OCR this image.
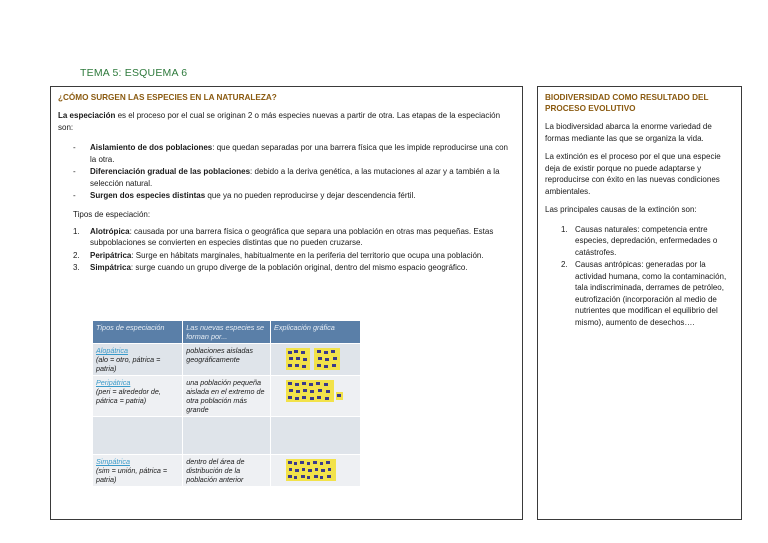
TEMA 5: ESQUEMA 6
¿CÓMO SURGEN LAS ESPECIES EN LA NATURALEZA?
La especiación es el proceso por el cual se originan 2 o más especies nuevas a partir de otra. Las etapas de la especiación son:
- Aislamiento de dos poblaciones: que quedan separadas por una barrera física que les impide reproducirse una con la otra.
- Diferenciación gradual de las poblaciones: debido a la deriva genética, a las mutaciones al azar y a también a la selección natural.
- Surgen dos especies distintas que ya no pueden reproducirse y dejar descendencia fértil.
Tipos de especiación:
1. Alotrópica: causada por una barrera física o geográfica que separa una población en otras mas pequeñas. Estas subpoblaciones se convierten en especies distintas que no pueden cruzarse.
2. Peripátrica: Surge en hábitats marginales, habitualmente en la periferia del territorio que ocupa una población.
3. Simpátrica: surge cuando un grupo diverge de la población original, dentro del mismo espacio geográfico.
Tipos de especiación	Las nuevas especies se forman por...	Explicación gráfica
Alopátrica
(alo = otro, pátrica = patria)	poblaciones aisladas geográficamente	

Peripátrica
(peri = alrededor de, pátrica = patria)	una población pequeña aislada en el extremo de otra población más grande	

Simpátrica
(sim = unión, pátrica = patria)	dentro del área de distribución de la población anterior	
BIODIVERSIDAD COMO RESULTADO DEL PROCESO EVOLUTIVO
La biodiversidad abarca la enorme variedad de formas mediante las que se organiza la vida.
La extinción es el proceso por el que una especie deja de existir porque no puede adaptarse y reproducirse con éxito en las nuevas condiciones ambientales.
Las principales causas de la extinción son:
1. Causas naturales: competencia entre especies, depredación, enfermedades o catástrofes.
2. Causas antrópicas: generadas por la actividad humana, como la contaminación, tala indiscriminada, derrames de petróleo, eutrofización (incorporación al medio de nutrientes que modifican el equilibrio del mismo), aumento de desechos….
